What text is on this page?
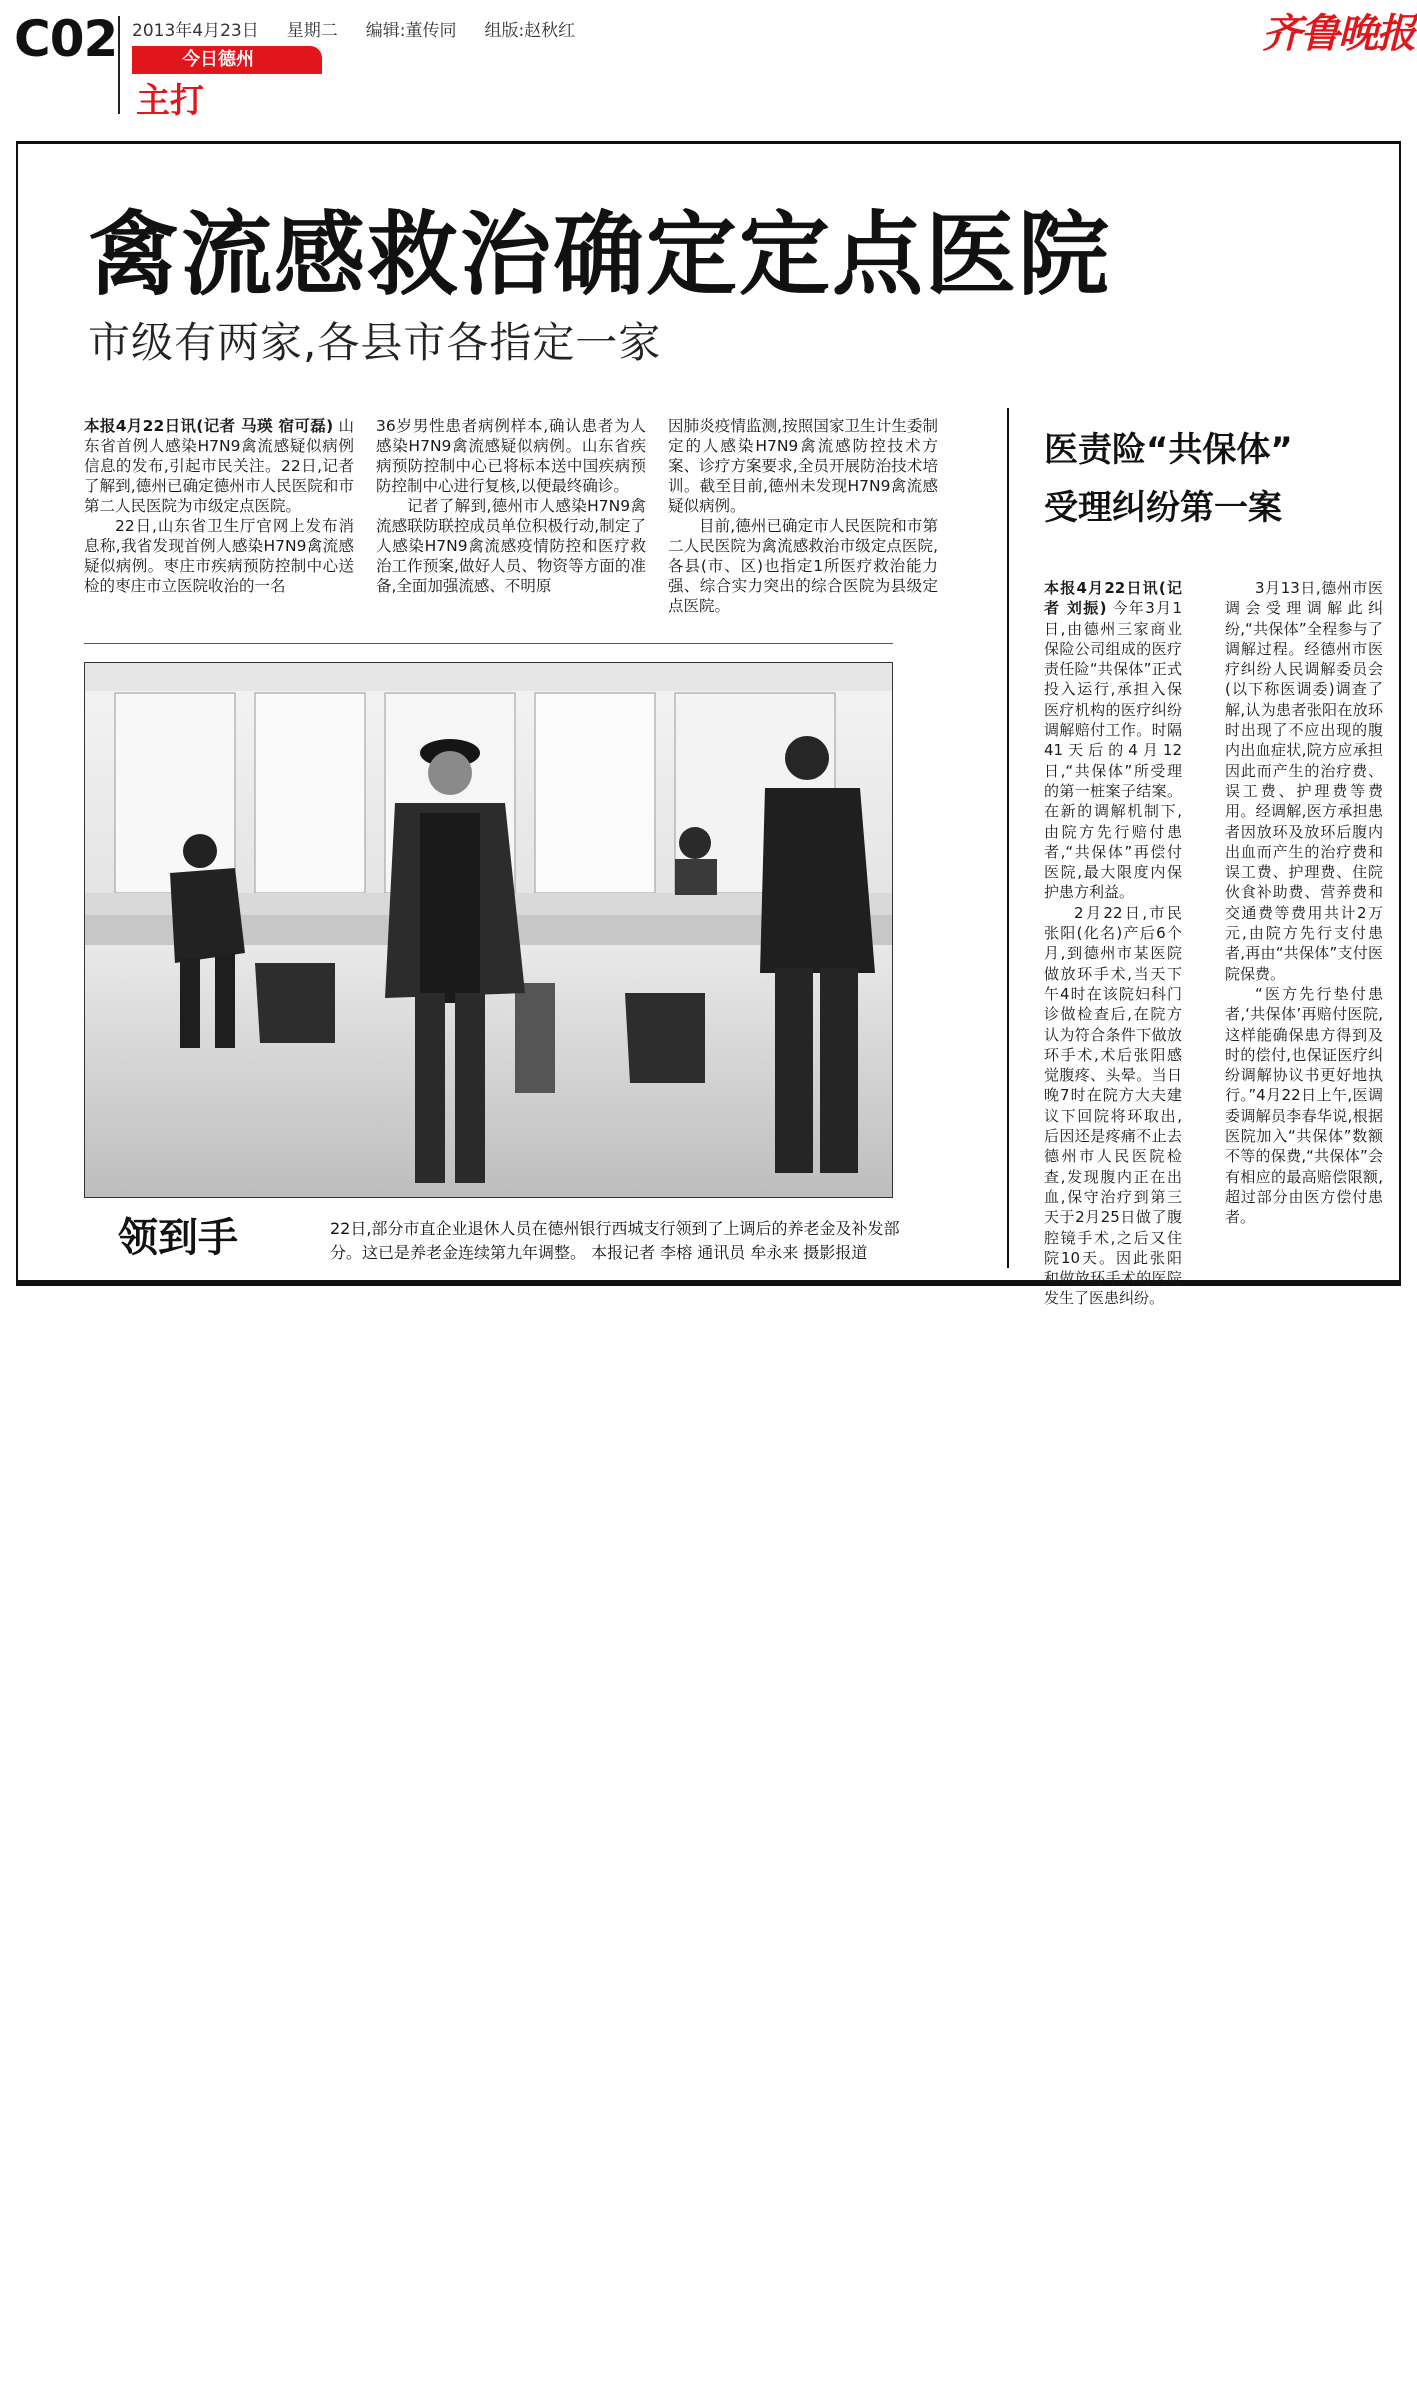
C02 2013年4月23日 星期二 编辑:董传同 组版:赵秋红
今日德州
主打
齐鲁晚报
禽流感救治确定定点医院
市级有两家,各县市各指定一家

本报4月22日讯(记者 马瑛 宿可磊) 山东省首例人感染H7N9禽流感疑似病例信息的发布,引起市民关注。22日,记者了解到,德州已确定德州市人民医院和市第二人民医院为市级定点医院。

22日,山东省卫生厅官网上发布消息称,我省发现首例人感染H7N9禽流感疑似病例。枣庄市疾病预防控制中心送检的枣庄市立医院收治的一名

36岁男性患者病例样本,确认患者为人感染H7N9禽流感疑似病例。山东省疾病预防控制中心已将标本送中国疾病预防控制中心进行复核,以便最终确诊。

记者了解到,德州市人感染H7N9禽流感联防联控成员单位积极行动,制定了人感染H7N9禽流感疫情防控和医疗救治工作预案,做好人员、物资等方面的准备,全面加强流感、不明原

因肺炎疫情监测,按照国家卫生计生委制定的人感染H7N9禽流感防控技术方案、诊疗方案要求,全员开展防治技术培训。截至目前,德州未发现H7N9禽流感疑似病例。

目前,德州已确定市人民医院和市第二人民医院为禽流感救治市级定点医院,各县(市、区)也指定1所医疗救治能力强、综合实力突出的综合医院为县级定点医院。

领到手	22日,部分市直企业退休人员在德州银行西城支行领到了上调后的养老金及补发部分。这已是养老金连续第九年调整。 本报记者 李榕 通讯员 牟永来 摄影报道
医责险“共保体”
受理纠纷第一案

本报4月22日讯(记者 刘振) 今年3月1日,由德州三家商业保险公司组成的医疗责任险“共保体”正式投入运行,承担入保医疗机构的医疗纠纷调解赔付工作。时隔41天后的4月12日,“共保体”所受理的第一桩案子结案。在新的调解机制下,由院方先行赔付患者,“共保体”再偿付医院,最大限度内保护患方利益。

2月22日,市民张阳(化名)产后6个月,到德州市某医院做放环手术,当天下午4时在该院妇科门诊做检查后,在院方认为符合条件下做放环手术,术后张阳感觉腹疼、头晕。当日晚7时在院方大夫建议下回院将环取出,后因还是疼痛不止去德州市人民医院检查,发现腹内正在出血,保守治疗到第三天于2月25日做了腹腔镜手术,之后又住院10天。因此张阳和做放环手术的医院发生了医患纠纷。

3月13日,德州市医调会受理调解此纠纷,“共保体”全程参与了调解过程。经德州市医疗纠纷人民调解委员会(以下称医调委)调查了解,认为患者张阳在放环时出现了不应出现的腹内出血症状,院方应承担因此而产生的治疗费、误工费、护理费等费用。经调解,医方承担患者因放环及放环后腹内出血而产生的治疗费和误工费、护理费、住院伙食补助费、营养费和交通费等费用共计2万元,由院方先行支付患者,再由“共保体”支付医院保费。

“医方先行垫付患者,‘共保体’再赔付医院,这样能确保患方得到及时的偿付,也保证医疗纠纷调解协议书更好地执行。”4月22日上午,医调委调解员李春华说,根据医院加入“共保体”数额不等的保费,“共保体”会有相应的最高赔偿限额,超过部分由医方偿付患者。
